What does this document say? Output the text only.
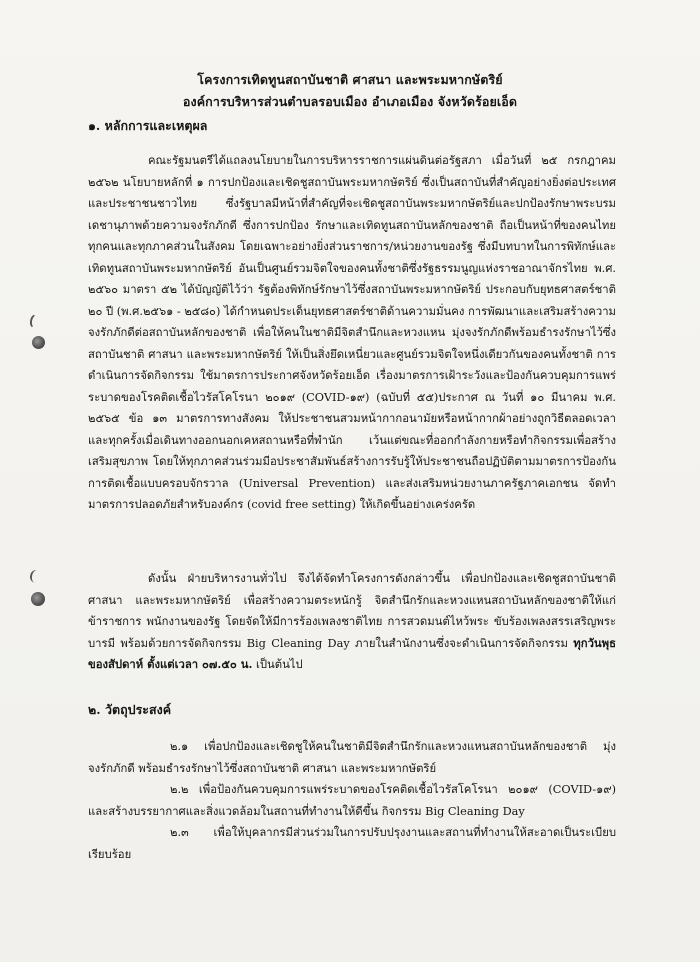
โครงการเทิดทูนสถาบันชาติ ศาสนา และพระมหากษัตริย์
องค์การบริหารส่วนตำบลรอบเมือง อำเภอเมือง จังหวัดร้อยเอ็ด
๑. หลักการและเหตุผล

คณะรัฐมนตรีได้แถลงนโยบายในการบริหารราชการแผ่นดินต่อรัฐสภา เมื่อวันที่ ๒๕ กรกฎาคม ๒๕๖๒ นโยบายหลักที่ ๑ การปกป้องและเชิดชูสถาบันพระมหากษัตริย์ ซึ่งเป็นสถาบันที่สำคัญอย่างยิ่งต่อประเทศและประชาชนชาวไทย ซึ่งรัฐบาลมีหน้าที่สำคัญที่จะเชิดชูสถาบันพระมหากษัตริย์และปกป้องรักษาพระบรมเดชานุภาพด้วยความจงรักภักดี ซึ่งการปกป้อง รักษาและเทิดทูนสถาบันหลักของชาติ ถือเป็นหน้าที่ของคนไทยทุกคนและทุกภาคส่วนในสังคม โดยเฉพาะอย่างยิ่งส่วนราชการ/หน่วยงานของรัฐ ซึ่งมีบทบาทในการพิทักษ์และเทิดทูนสถาบันพระมหากษัตริย์ อันเป็นศูนย์รวมจิตใจของคนทั้งชาติซึ่งรัฐธรรมนูญแห่งราชอาณาจักรไทย พ.ศ. ๒๕๖๐ มาตรา ๕๒ ได้บัญญัติไว้ว่า รัฐต้องพิทักษ์รักษาไว้ซึ่งสถาบันพระมหากษัตริย์ ประกอบกับยุทธศาสตร์ชาติ ๒๐ ปี (พ.ศ.๒๕๖๑ - ๒๕๘๐) ได้กำหนดประเด็นยุทธศาสตร์ชาติด้านความมั่นคง การพัฒนาและเสริมสร้างความจงรักภักดีต่อสถาบันหลักของชาติ เพื่อให้คนในชาติมีจิตสำนึกและหวงแหน มุ่งจงรักภักดีพร้อมธำรงรักษาไว้ซึ่งสถาบันชาติ ศาสนา และพระมหากษัตริย์ ให้เป็นสิ่งยึดเหนี่ยวและศูนย์รวมจิตใจหนึ่งเดียวกันของคนทั้งชาติ การดำเนินการจัดกิจกรรม ใช้มาตรการประกาศจังหวัดร้อยเอ็ด เรื่องมาตรการเฝ้าระวังและป้องกันควบคุมการแพร่ระบาดของโรคติดเชื้อไวรัสโคโรนา ๒๐๑๙ (COVID-๑๙) (ฉบับที่ ๕๕)ประกาศ ณ วันที่ ๑๐ มีนาคม พ.ศ. ๒๕๖๕ ข้อ ๑๓ มาตรการทางสังคม ให้ประชาชนสวมหน้ากากอนามัยหรือหน้ากากผ้าอย่างถูกวิธีตลอดเวลา และทุกครั้งเมื่อเดินทางออกนอกเคหสถานหรือที่พำนัก เว้นแต่ขณะที่ออกกำลังกายหรือทำกิจกรรมเพื่อสร้างเสริมสุขภาพ โดยให้ทุกภาคส่วนร่วมมีอประชาสัมพันธ์สร้างการรับรู้ให้ประชาชนถือปฏิบัติตามมาตรการป้องกันการติดเชื้อแบบครอบจักรวาล (Universal Prevention) และส่งเสริมหน่วยงานภาครัฐภาคเอกชน จัดทำมาตรการปลอดภัยสำหรับองค์กร (covid free setting) ให้เกิดขึ้นอย่างเคร่งครัด

ดังนั้น ฝ่ายบริหารงานทั่วไป จึงได้จัดทำโครงการดังกล่าวขึ้น เพื่อปกป้องและเชิดชูสถาบันชาติ ศาสนา และพระมหากษัตริย์ เพื่อสร้างความตระหนักรู้ จิตสำนึกรักและหวงแหนสถาบันหลักของชาติให้แก่ข้าราชการ พนักงานของรัฐ โดยจัดให้มีการร้องเพลงชาติไทย การสวดมนต์ไหว้พระ ขับร้องเพลงสรรเสริญพระบารมี พร้อมด้วยการจัดกิจกรรม Big Cleaning Day ภายในสำนักงานซึ่งจะดำเนินการจัดกิจกรรม ทุกวันพุธของสัปดาห์ ตั้งแต่เวลา ๐๗.๕๐ น. เป็นต้นไป

๒. วัตถุประสงค์

๒.๑ เพื่อปกป้องและเชิดชูให้คนในชาติมีจิตสำนึกรักและหวงแหนสถาบันหลักของชาติ มุ่งจงรักภักดี พร้อมธำรงรักษาไว้ซึ่งสถาบันชาติ ศาสนา และพระมหากษัตริย์

๒.๒ เพื่อป้องกันควบคุมการแพร่ระบาดของโรคติดเชื้อไวรัสโคโรนา ๒๐๑๙ (COVID-๑๙) และสร้างบรรยากาศและสิ่งแวดล้อมในสถานที่ทำงานให้ดีขึ้น กิจกรรม Big Cleaning Day

๒.๓ เพื่อให้บุคลากรมีส่วนร่วมในการปรับปรุงงานและสถานที่ทำงานให้สะอาดเป็นระเบียบเรียบร้อย
